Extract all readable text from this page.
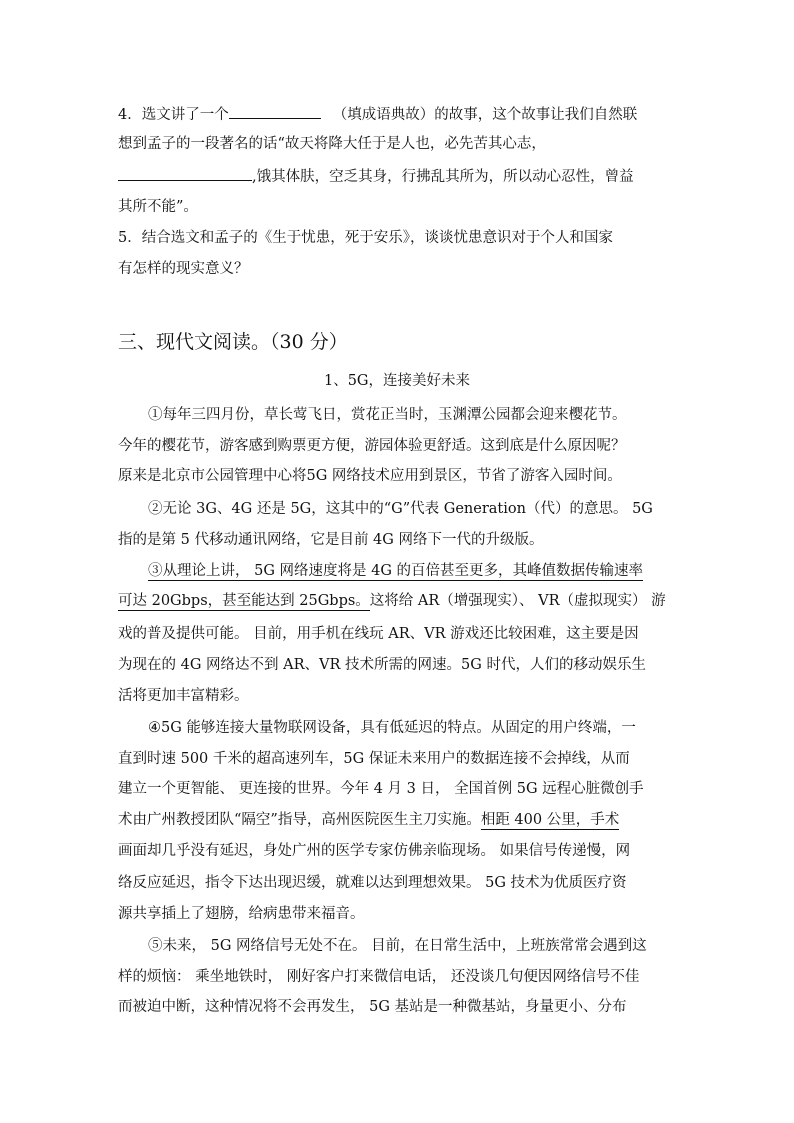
4．选文讲了一个	（填成语典故）的故事，这个故事让我们自然联
想到孟子的一段著名的话“故天将降大任于是人也，必先苦其心志，
,饿其体肤，空乏其身，行拂乱其所为，所以动心忍性，曾益
其所不能”。
5．结合选文和孟子的《生于忧患，死于安乐》，谈谈忧患意识对于个人和国家
有怎样的现实意义？
三、现代文阅读。（30 分）
1、5G，连接美好未来
①每年三四月份，草长莺飞日，赏花正当时，玉渊潭公园都会迎来樱花节。
今年的樱花节，游客感到购票更方便，游园体验更舒适。这到底是什么原因呢？
原来是北京市公园管理中心将5G 网络技术应用到景区，节省了游客入园时间。
②无论 3G、4G 还是 5G，这其中的“G”代表 Generation（代）的意思。 5G
指的是第 5 代移动通讯网络，它是目前 4G 网络下一代的升级版。
③从理论上讲， 5G 网络速度将是 4G 的百倍甚至更多，其峰值数据传输速率
可达 20Gbps，甚至能达到 25Gbps。这将给 AR（增强现实）、 VR（虚拟现实） 游
戏的普及提供可能。 目前，用手机在线玩 AR、VR 游戏还比较困难，这主要是因
为现在的 4G 网络达不到 AR、VR 技术所需的网速。5G 时代，人们的移动娱乐生
活将更加丰富精彩。
④5G 能够连接大量物联网设备，具有低延迟的特点。从固定的用户终端，一
直到时速 500 千米的超高速列车，5G 保证未来用户的数据连接不会掉线，从而
建立一个更智能、 更连接的世界。今年 4 月 3 日， 全国首例 5G 远程心脏微创手
术由广州教授团队“隔空”指导，高州医院医生主刀实施。相距 400 公里，手术
画面却几乎没有延迟，身处广州的医学专家仿佛亲临现场。 如果信号传递慢，网
络反应延迟，指令下达出现迟缓，就难以达到理想效果。 5G 技术为优质医疗资
源共享插上了翅膀，给病患带来福音。
⑤未来， 5G 网络信号无处不在。 目前，在日常生活中，上班族常常会遇到这
样的烦恼： 乘坐地铁时， 刚好客户打来微信电话， 还没谈几句便因网络信号不佳
而被迫中断，这种情况将不会再发生， 5G 基站是一种微基站，身量更小、分布
